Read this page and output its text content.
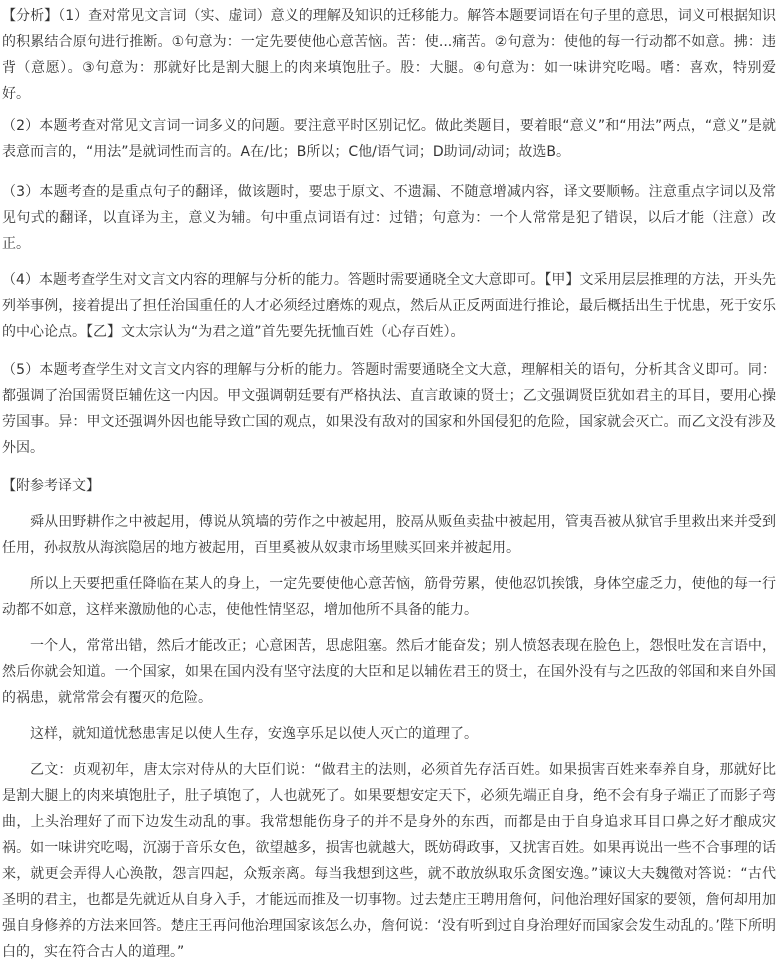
【分析】（1）查对常见文言词（实、虚词）意义的理解及知识的迁移能力。解答本题要词语在句子里的意思，词义可根据知识的积累结合原句进行推断。①句意为：一定先要使他心意苦恼。苦：使...痛苦。②句意为：使他的每一行动都不如意。拂：违背（意愿）。③句意为：那就好比是割大腿上的肉来填饱肚子。股：大腿。④句意为：如一味讲究吃喝。嗜：喜欢，特别爱好。

（2）本题考查对常见文言词一词多义的问题。要注意平时区别记忆。做此类题目，要着眼“意义”和“用法”两点，“意义”是就表意而言的，“用法”是就词性而言的。A在/比；B所以；C他/语气词；D助词/动词；故选B。

（3）本题考查的是重点句子的翻译，做该题时，要忠于原文、不遗漏、不随意增减内容，译文要顺畅。注意重点字词以及常见句式的翻译，以直译为主，意义为辅。句中重点词语有过：过错；句意为：一个人常常是犯了错误，以后才能（注意）改正。

（4）本题考查学生对文言文内容的理解与分析的能力。答题时需要通晓全文大意即可。【甲】文采用层层推理的方法，开头先列举事例，接着提出了担任治国重任的人才必须经过磨炼的观点，然后从正反两面进行推论，最后概括出生于忧患，死于安乐的中心论点。【乙】文太宗认为“为君之道”首先要先抚恤百姓（心存百姓）。

（5）本题考查学生对文言文内容的理解与分析的能力。答题时需要通晓全文大意，理解相关的语句，分析其含义即可。同：都强调了治国需贤臣辅佐这一内因。甲文强调朝廷要有严格执法、直言敢谏的贤士；乙文强调贤臣犹如君主的耳目，要用心操劳国事。异：甲文还强调外因也能导致亡国的观点，如果没有敌对的国家和外国侵犯的危险，国家就会灭亡。而乙文没有涉及外因。

【附参考译文】

舜从田野耕作之中被起用，傅说从筑墙的劳作之中被起用，胶鬲从贩鱼卖盐中被起用，管夷吾被从狱官手里救出来并受到任用，孙叔敖从海滨隐居的地方被起用，百里奚被从奴隶市场里赎买回来并被起用。

所以上天要把重任降临在某人的身上，一定先要使他心意苦恼，筋骨劳累，使他忍饥挨饿，身体空虚乏力，使他的每一行动都不如意，这样来激励他的心志，使他性情坚忍，增加他所不具备的能力。

一个人，常常出错，然后才能改正；心意困苦，思虑阻塞。然后才能奋发；别人愤怒表现在脸色上，怨恨吐发在言语中，然后你就会知道。一个国家，如果在国内没有坚守法度的大臣和足以辅佐君王的贤士，在国外没有与之匹敌的邻国和来自外国的祸患，就常常会有覆灭的危险。

这样，就知道忧愁患害足以使人生存，安逸享乐足以使人灭亡的道理了。

乙文：贞观初年，唐太宗对侍从的大臣们说：“做君主的法则，必须首先存活百姓。如果损害百姓来奉养自身，那就好比是割大腿上的肉来填饱肚子，肚子填饱了，人也就死了。如果要想安定天下，必须先端正自身，绝不会有身子端正了而影子弯曲，上头治理好了而下边发生动乱的事。我常想能伤身子的并不是身外的东西，而都是由于自身追求耳目口鼻之好才酿成灾祸。如一味讲究吃喝，沉溺于音乐女色，欲望越多，损害也就越大，既妨碍政事，又扰害百姓。如果再说出一些不合事理的话来，就更会弄得人心涣散，怨言四起，众叛亲离。每当我想到这些，就不敢放纵取乐贪图安逸。”谏议大夫魏徵对答说：“古代圣明的君主，也都是先就近从自身入手，才能远而推及一切事物。过去楚庄王聘用詹何，问他治理好国家的要领，詹何却用加强自身修养的方法来回答。楚庄王再问他治理国家该怎么办，詹何说：‘没有听到过自身治理好而国家会发生动乱的。’陛下所明白的，实在符合古人的道理。”
